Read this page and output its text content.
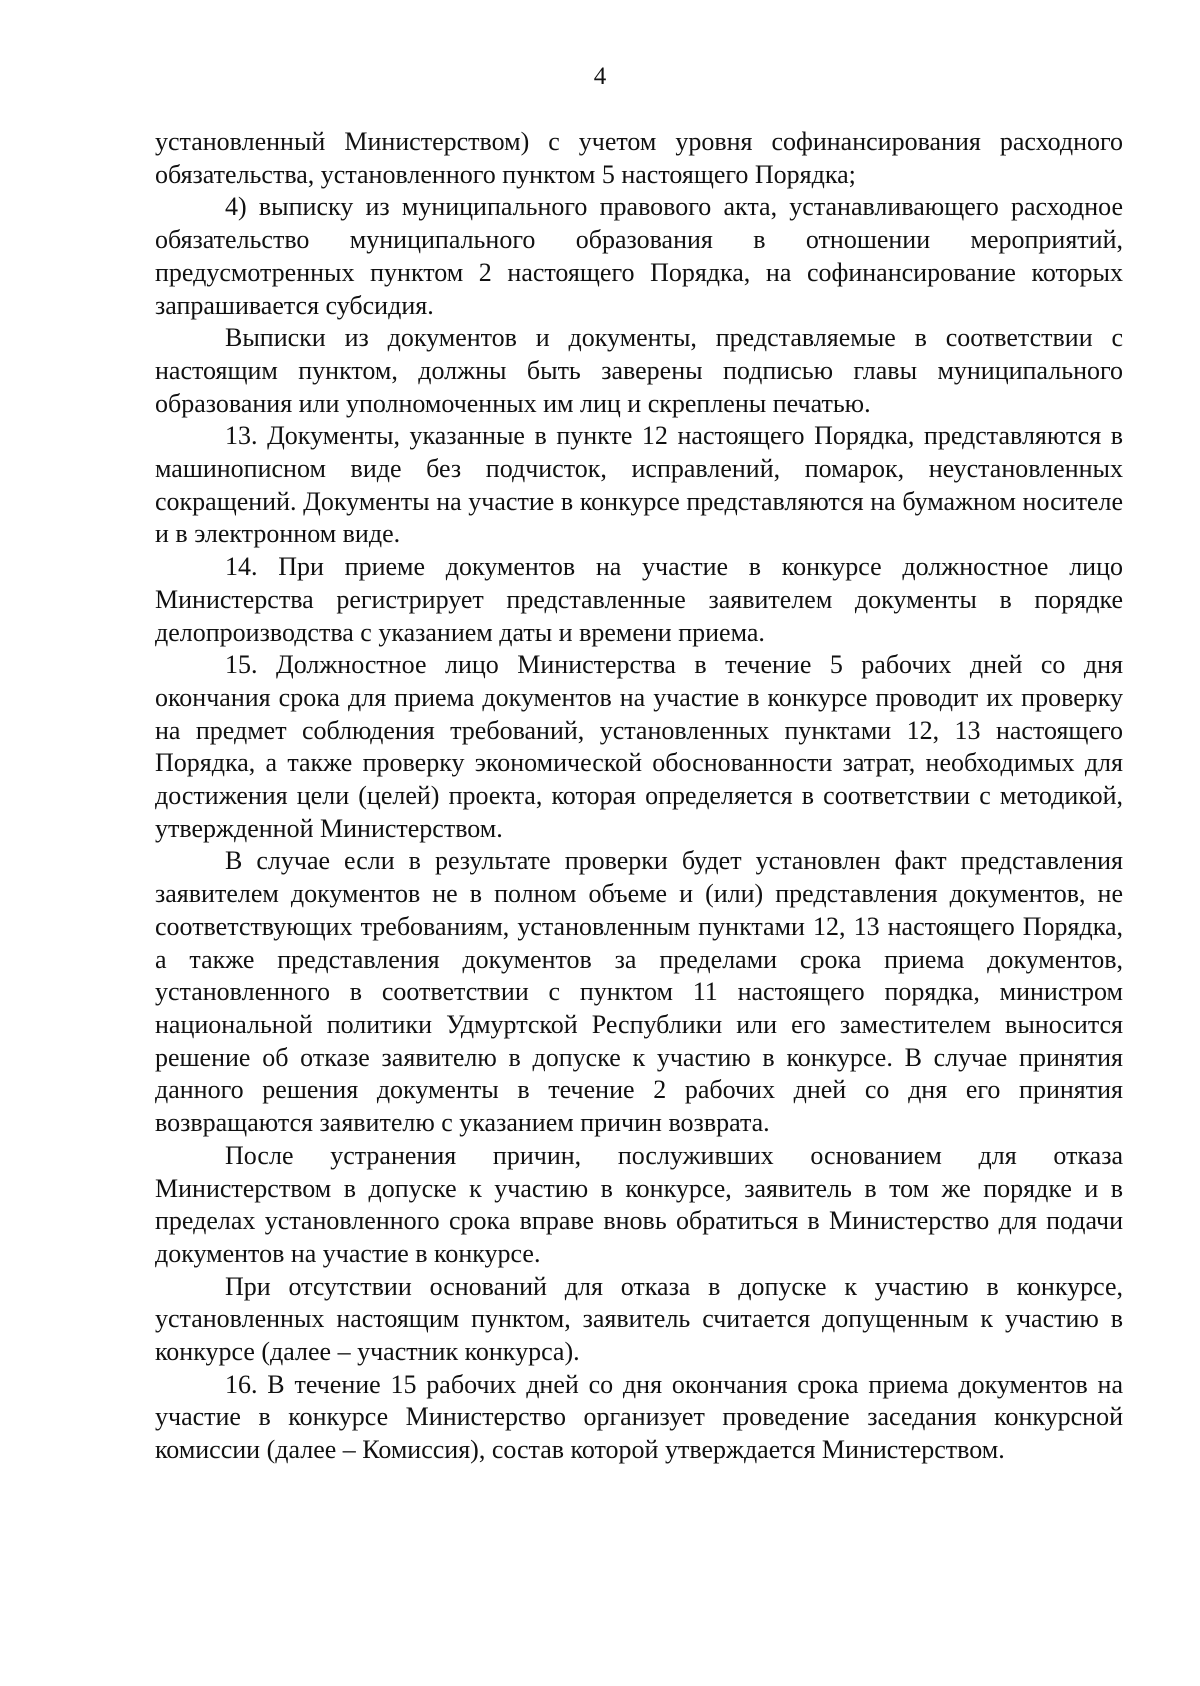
4

установленный Министерством) с учетом уровня софинансирования расходного обязательства, установленного пунктом 5 настоящего Порядка;

4) выписку из муниципального правового акта, устанавливающего расходное обязательство муниципального образования в отношении мероприятий, предусмотренных пунктом 2 настоящего Порядка, на софинансирование которых запрашивается субсидия.

Выписки из документов и документы, представляемые в соответствии с настоящим пунктом, должны быть заверены подписью главы муниципального образования или уполномоченных им лиц и скреплены печатью.

13. Документы, указанные в пункте 12 настоящего Порядка, представляются в машинописном виде без подчисток, исправлений, помарок, неустановленных сокращений. Документы на участие в конкурсе представляются на бумажном носителе и в электронном виде.

14. При приеме документов на участие в конкурсе должностное лицо Министерства регистрирует представленные заявителем документы в порядке делопроизводства с указанием даты и времени приема.

15. Должностное лицо Министерства в течение 5 рабочих дней со дня окончания срока для приема документов на участие в конкурсе проводит их проверку на предмет соблюдения требований, установленных пунктами 12, 13 настоящего Порядка, а также проверку экономической обоснованности затрат, необходимых для достижения цели (целей) проекта, которая определяется в соответствии с методикой, утвержденной Министерством.

В случае если в результате проверки будет установлен факт представления заявителем документов не в полном объеме и (или) представления документов, не соответствующих требованиям, установленным пунктами 12, 13 настоящего Порядка, а также представления документов за пределами срока приема документов, установленного в соответствии с пунктом 11 настоящего порядка, министром национальной политики Удмуртской Республики или его заместителем выносится решение об отказе заявителю в допуске к участию в конкурсе. В случае принятия данного решения документы в течение 2 рабочих дней со дня его принятия возвращаются заявителю с указанием причин возврата.

После устранения причин, послуживших основанием для отказа Министерством в допуске к участию в конкурсе, заявитель в том же порядке и в пределах установленного срока вправе вновь обратиться в Министерство для подачи документов на участие в конкурсе.

При отсутствии оснований для отказа в допуске к участию в конкурсе, установленных настоящим пунктом, заявитель считается допущенным к участию в конкурсе (далее – участник конкурса).

16. В течение 15 рабочих дней со дня окончания срока приема документов на участие в конкурсе Министерство организует проведение заседания конкурсной комиссии (далее – Комиссия), состав которой утверждается Министерством.
